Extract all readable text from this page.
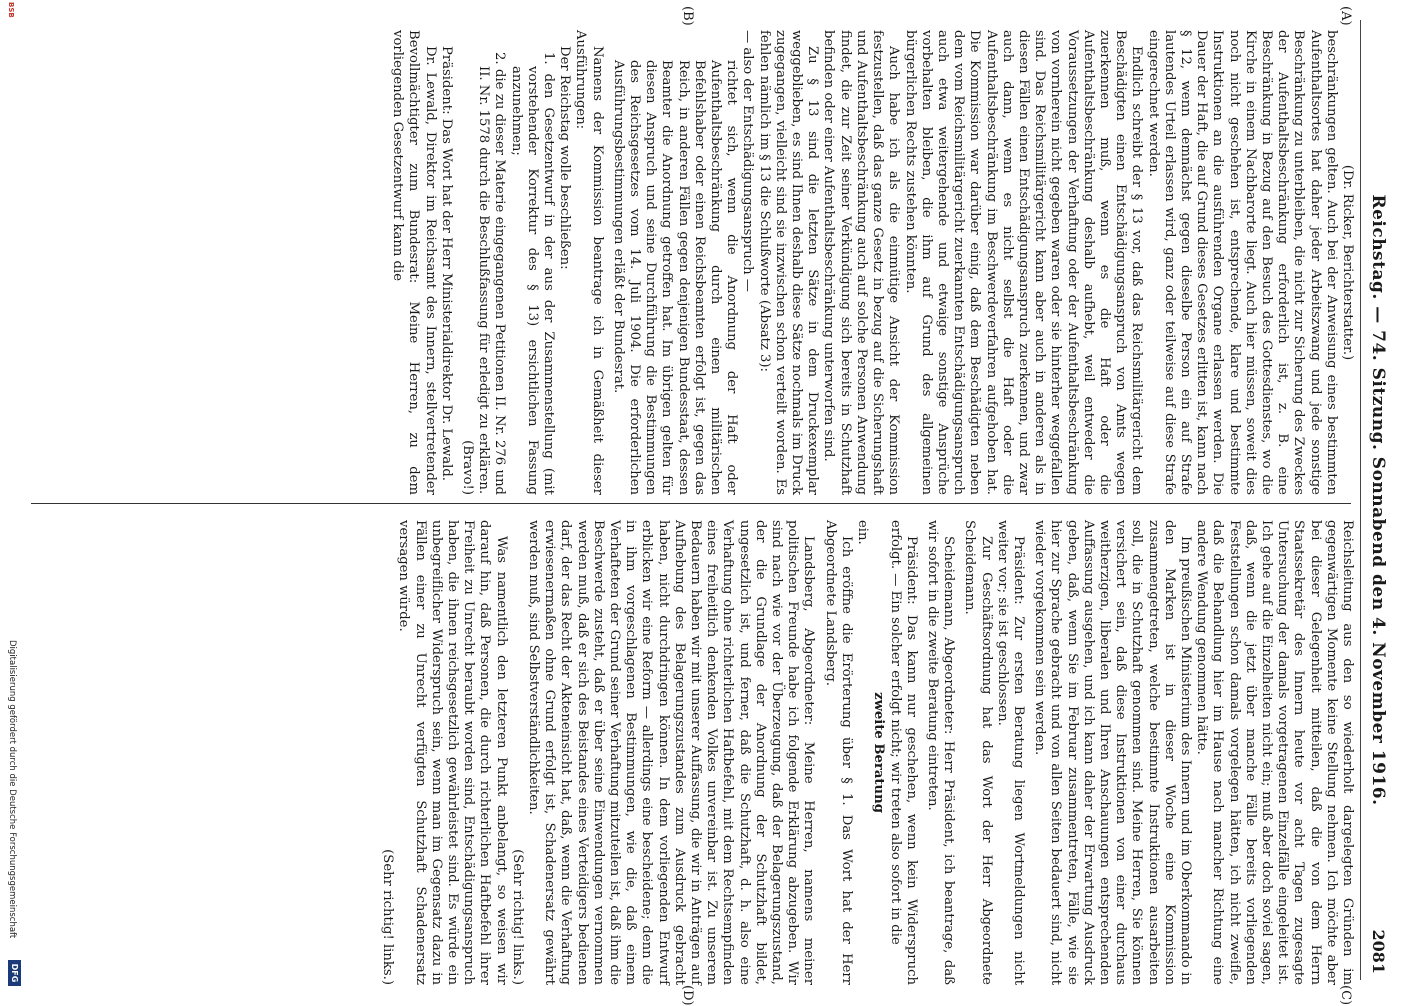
Reichstag. — 74. Sitzung. Sonnabend den 4. November 1916.
2081
(A)
(B)
(C)
(D)

(Dr. Ricker, Berichterstatter.)

beschränkungen gelten. Auch bei der Anweisung eines bestimmten Aufenthaltsortes hat daher jeder Arbeitszwang und jede sonstige Beschränkung zu unterbleiben, die nicht zur Sicherung des Zweckes der Aufenthaltsbeschränkung erforderlich ist, z. B. eine Beschränkung in Bezug auf den Besuch des Gottesdienstes, wo die Kirche in einem Nachbarorte liegt. Auch hier müssen, soweit dies noch nicht geschehen ist, entsprechende, klare und bestimmte Instruktionen an die ausführenden Organe erlassen werden. Die Dauer der Haft, die auf Grund dieses Gesetzes erlitten ist, kann nach § 12, wenn demnächst gegen dieselbe Person ein auf Strafe lautendes Urteil erlassen wird, ganz oder teilweise auf diese Strafe eingerechnet werden.

Endlich schreibt der § 13 vor, daß das Reichsmilitärgericht dem Beschädigten einen Entschädigungsanspruch von Amts wegen zuerkennen muß, wenn es die Haft oder die Aufenthaltsbeschränkung deshalb aufhebt, weil entweder die Voraussetzungen der Verhaftung oder der Aufenthaltsbeschränkung von vornherein nicht gegeben waren oder sie hinterher weggefallen sind. Das Reichsmilitärgericht kann aber auch in anderen als in diesen Fällen einen Entschädigungsanspruch zuerkennen, und zwar auch dann, wenn es nicht selbst die Haft oder die Aufenthaltsbeschränkung im Beschwerdeverfahren aufgehoben hat. Die Kommission war darüber einig, daß dem Beschädigten neben dem vom Reichsmilitärgericht zuerkannten Entschädigungsanspruch auch etwa weitergehende und etwaige sonstige Ansprüche vorbehalten bleiben, die ihm auf Grund des allgemeinen bürgerlichen Rechts zustehen könnten.

Auch habe ich als die einmütige Ansicht der Kommission festzustellen, daß das ganze Gesetz in bezug auf die Sicherungshaft und Aufenthaltsbeschränkung auch auf solche Personen Anwendung findet, die zur Zeit seiner Verkündigung sich bereits in Schutzhaft befinden oder einer Aufenthaltsbeschränkung unterworfen sind.

Zu § 13 sind die letzten Sätze in dem Druckexemplar weggeblieben, es sind Ihnen deshalb diese Sätze nochmals im Druck zugegangen, vielleicht sind sie inzwischen schon verteilt worden. Es fehlen nämlich im § 13 die Schlußworte (Absatz 3):

— also der Entschädigungsanspruch —

richtet sich, wenn die Anordnung der Haft oder Aufenthaltsbeschränkung durch einen militärischen Befehlshaber oder einen Reichsbeamten erfolgt ist, gegen das Reich, in anderen Fällen gegen denjenigen Bundesstaat, dessen Beamter die Anordnung getroffen hat. Im übrigen gelten für diesen Anspruch und seine Durchführung die Bestimmungen des Reichsgesetzes vom 14. Juli 1904. Die erforderlichen Ausführungsbestimmungen erläßt der Bundesrat.

Namens der Kommission beantrage ich in Gemäßheit dieser Ausführungen:

Der Reichstag wolle beschließen:

1. den Gesetzentwurf in der aus der Zusammenstellung (mit vorstehender Korrektur des § 13) ersichtlichen Fassung anzunehmen;

2. die zu dieser Materie eingegangenen Petitionen II. Nr. 276 und II. Nr. 1578 durch die Beschlußfassung für erledigt zu erklären.

(Bravo!)

Präsident: Das Wort hat der Herr Ministerialdirektor Dr. Lewald.

Dr. Lewald, Direktor im Reichsamt des Innern, stellvertretender Bevollmächtigter zum Bundesrat: Meine Herren, zu dem vorliegenden Gesetzentwurf kann die

Reichsleitung aus den so wiederholt dargelegten Gründen im gegenwärtigen Momente keine Stellung nehmen. Ich möchte aber bei dieser Gelegenheit mitteilen, daß die von dem Herrn Staatssekretär des Innern heute vor acht Tagen zugesagte Untersuchung der damals vorgetragenen Einzelfälle eingeleitet ist. Ich gehe auf die Einzelheiten nicht ein; muß aber doch soviel sagen, daß, wenn die jetzt über manche Fälle bereits vorliegenden Feststellungen schon damals vorgelegen hätten, ich nicht zweifle, daß die Behandlung hier im Hause nach mancher Richtung eine andere Wendung genommen hätte.

Im preußischen Ministerium des Innern und im Oberkommando in den Marken ist in dieser Woche eine Kommission zusammengetreten, welche bestimmte Instruktionen ausarbeiten soll, die in Schutzhaft genommen sind. Meine Herren, Sie können versichert sein, daß diese Instruktionen von einer durchaus weitherzigen, liberalen und Ihren Anschauungen entsprechenden Auffassung ausgehen, und ich kann daher der Erwartung Ausdruck geben, daß, wenn Sie im Februar zusammentreten, Fälle, wie sie hier zur Sprache gebracht und von allen Seiten bedauert sind, nicht wieder vorgekommen sein werden.

Präsident: Zur ersten Beratung liegen Wortmeldungen nicht weiter vor; sie ist geschlossen.

Zur Geschäftsordnung hat das Wort der Herr Abgeordnete Scheidemann.

Scheidemann, Abgeordneter: Herr Präsident, ich beantrage, daß wir sofort in die zweite Beratung eintreten.

Präsident: Das kann nur geschehen, wenn kein Widerspruch erfolgt. — Ein solcher erfolgt nicht; wir treten also sofort in die

zweite Beratung

ein.

Ich eröffne die Erörterung über § 1. Das Wort hat der Herr Abgeordnete Landsberg.

Landsberg, Abgeordneter: Meine Herren, namens meiner politischen Freunde habe ich folgende Erklärung abzugeben. Wir sind nach wie vor der Überzeugung, daß der Belagerungszustand, der die Grundlage der Anordnung der Schutzhaft bildet, ungesetzlich ist, und ferner, daß die Schutzhaft, d. h. also eine Verhaftung ohne richterlichen Haftbefehl, mit dem Rechtsempfinden eines freiheitlich denkenden Volkes unvereinbar ist. Zu unserem Bedauern haben wir mit unserer Auffassung, die wir in Anträgen auf Aufhebung des Belagerungszustandes zum Ausdruck gebracht haben, nicht durchdringen können. In dem vorliegenden Entwurf erblicken wir eine Reform — allerdings eine bescheidene; denn die in ihm vorgeschlagenen Bestimmungen, wie die, daß einem Verhafteten der Grund seiner Verhaftung mitzuteilen ist, daß ihm die Beschwerde zusteht, daß er über seine Einwendungen vernommen werden muß, daß er sich des Beistandes eines Verteidigers bedienen darf, der das Recht der Akteneinsicht hat, daß, wenn die Verhaftung erwiesenermaßen ohne Grund erfolgt ist, Schadenersatz gewährt werden muß, sind Selbstverständlichkeiten.

(Sehr richtig! links.)

Was namentlich den letzteren Punkt anbelangt, so weisen wir darauf hin, daß Personen, die durch richterlichen Haftbefehl ihrer Freiheit zu Unrecht beraubt worden sind, Entschädigungsanspruch haben, die ihnen reichsgesetzlich gewährleistet sind. Es würde ein unbegreiflicher Widerspruch sein, wenn man im Gegensatz dazu in Fällen einer zu Unrecht verfügten Schutzhaft Schadenersatz versagen würde.

(Sehr richtig! links.)

Digitalisierung gefördert durch die Deutsche Forschungsgemeinschaft
DFG
BSB
